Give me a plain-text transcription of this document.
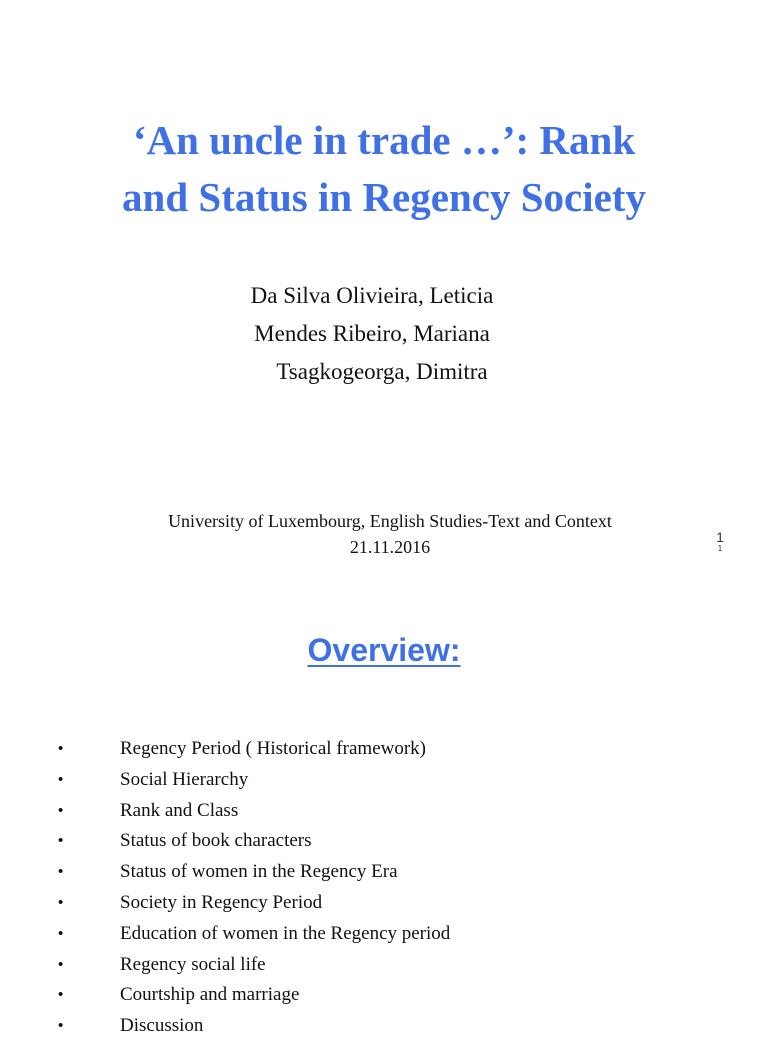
‘An uncle in trade …’: Rank
and Status in Regency Society
Da Silva Olivieira, Leticia
Mendes Ribeiro, Mariana
Tsagkogeorga, Dimitra
University of Luxembourg, English Studies-Text and Context
21.11.2016	1
1
Overview:
•	Regency Period ( Historical framework)
•	Social Hierarchy
•	Rank and Class
•	Status of book characters
•	Status of women in the Regency Era
•	Society in Regency Period
•	Education of women in the Regency period
•	Regency social life
•	Courtship and marriage
•	Discussion
